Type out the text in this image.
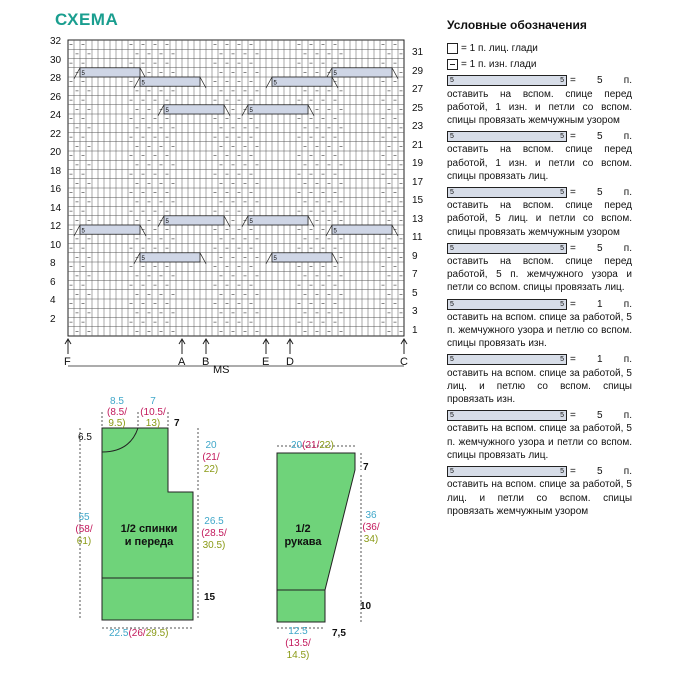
СХЕМА
5	5
5	5
5	5
5	5
5	5
5	5
32
30
28
26
24
22
20
18
16
14
12
10
8
6
4
2
31
29
27
25
23
21
19
17
15
13
11
9
7
5
3
1
F	A B	E D	C
MS
Условные обозначения
= 1 п. лиц. глади
= 1 п. изн. глади
5	5 = 5 п. оставить на вспом. спице перед работой, 1 изн. и петли со вспом. спицы провязать жемчужным узором
5	5 = 5 п. оставить на вспом. спице перед работой, 1 изн. и петли со вспом. спицы провязать лиц.
5	5 = 5 п. оставить на вспом. спице перед работой, 5 лиц. и петли со вспом. спицы провязать жемчужным узором
5	5 = 5 п. оставить на вспом. спице перед работой, 5 п. жемчужного узора и петли со вспом. спицы провязать лиц.
5	5 = 1 п. оставить на вспом. спице за работой, 5 п. жемчужного узора и петлю со вспом. спицы провязать изн.
5	5 = 1 п. оставить на вспом. спице за работой, 5 лиц. и петлю со вспом. спицы провязать изн.
5	5 = 5 п. оставить на вспом. спице за работой, 5 п. жемчужного узора и петли со вспом. спицы провязать лиц.
5	5 = 5 п. оставить на вспом. спице за работой, 5 лиц. и петли со вспом. спицы провязать жемчужным узором
6.5
8.5
(8.5/
9.5)
7
(10.5/
13)	7
20
(21/
22)
26.5
(28.5/
30.5)
55
(58/
61)
1/2 спинки
и переда
15
22.5(26/29.5)
20(21/22)
7
36
(36/
34)
1/2
рукава
10
7,5
12.5
(13.5/
14.5)
